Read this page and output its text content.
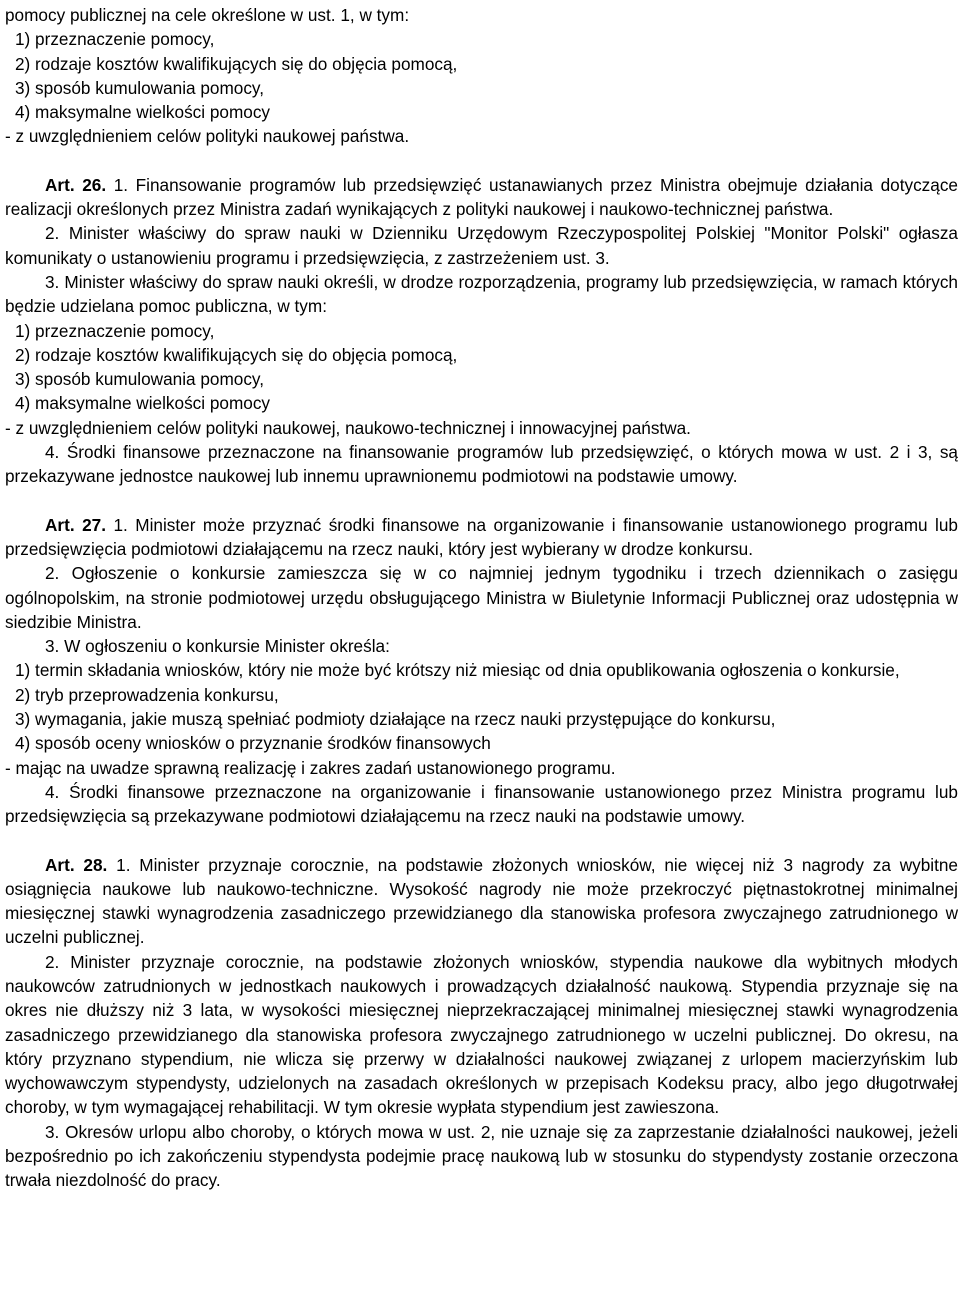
pomocy publicznej na cele określone w ust. 1, w tym:

1) przeznaczenie pomocy,

2) rodzaje kosztów kwalifikujących się do objęcia pomocą,

3) sposób kumulowania pomocy,

4) maksymalne wielkości pomocy

- z uwzględnieniem celów polityki naukowej państwa.

Art. 26. 1. Finansowanie programów lub przedsięwzięć ustanawianych przez Ministra obejmuje działania dotyczące realizacji określonych przez Ministra zadań wynikających z polityki naukowej i naukowo-technicznej państwa.

2. Minister właściwy do spraw nauki w Dzienniku Urzędowym Rzeczypospolitej Polskiej "Monitor Polski" ogłasza komunikaty o ustanowieniu programu i przedsięwzięcia, z zastrzeżeniem ust. 3.

3. Minister właściwy do spraw nauki określi, w drodze rozporządzenia, programy lub przedsięwzięcia, w ramach których będzie udzielana pomoc publiczna, w tym:

1) przeznaczenie pomocy,

2) rodzaje kosztów kwalifikujących się do objęcia pomocą,

3) sposób kumulowania pomocy,

4) maksymalne wielkości pomocy

- z uwzględnieniem celów polityki naukowej, naukowo-technicznej i innowacyjnej państwa.

4. Środki finansowe przeznaczone na finansowanie programów lub przedsięwzięć, o których mowa w ust. 2 i 3, są przekazywane jednostce naukowej lub innemu uprawnionemu podmiotowi na podstawie umowy.

Art. 27. 1. Minister może przyznać środki finansowe na organizowanie i finansowanie ustanowionego programu lub przedsięwzięcia podmiotowi działającemu na rzecz nauki, który jest wybierany w drodze konkursu.

2. Ogłoszenie o konkursie zamieszcza się w co najmniej jednym tygodniku i trzech dziennikach o zasięgu ogólnopolskim, na stronie podmiotowej urzędu obsługującego Ministra w Biuletynie Informacji Publicznej oraz udostępnia w siedzibie Ministra.

3. W ogłoszeniu o konkursie Minister określa:

1) termin składania wniosków, który nie może być krótszy niż miesiąc od dnia opublikowania ogłoszenia o konkursie,

2) tryb przeprowadzenia konkursu,

3) wymagania, jakie muszą spełniać podmioty działające na rzecz nauki przystępujące do konkursu,

4) sposób oceny wniosków o przyznanie środków finansowych

- mając na uwadze sprawną realizację i zakres zadań ustanowionego programu.

4. Środki finansowe przeznaczone na organizowanie i finansowanie ustanowionego przez Ministra programu lub przedsięwzięcia są przekazywane podmiotowi działającemu na rzecz nauki na podstawie umowy.

Art. 28. 1. Minister przyznaje corocznie, na podstawie złożonych wniosków, nie więcej niż 3 nagrody za wybitne osiągnięcia naukowe lub naukowo-techniczne. Wysokość nagrody nie może przekroczyć piętnastokrotnej minimalnej miesięcznej stawki wynagrodzenia zasadniczego przewidzianego dla stanowiska profesora zwyczajnego zatrudnionego w uczelni publicznej.

2. Minister przyznaje corocznie, na podstawie złożonych wniosków, stypendia naukowe dla wybitnych młodych naukowców zatrudnionych w jednostkach naukowych i prowadzących działalność naukową. Stypendia przyznaje się na okres nie dłuższy niż 3 lata, w wysokości miesięcznej nieprzekraczającej minimalnej miesięcznej stawki wynagrodzenia zasadniczego przewidzianego dla stanowiska profesora zwyczajnego zatrudnionego w uczelni publicznej. Do okresu, na który przyznano stypendium, nie wlicza się przerwy w działalności naukowej związanej z urlopem macierzyńskim lub wychowawczym stypendysty, udzielonych na zasadach określonych w przepisach Kodeksu pracy, albo jego długotrwałej choroby, w tym wymagającej rehabilitacji. W tym okresie wypłata stypendium jest zawieszona.

3. Okresów urlopu albo choroby, o których mowa w ust. 2, nie uznaje się za zaprzestanie działalności naukowej, jeżeli bezpośrednio po ich zakończeniu stypendysta podejmie pracę naukową lub w stosunku do stypendysty zostanie orzeczona trwała niezdolność do pracy.
